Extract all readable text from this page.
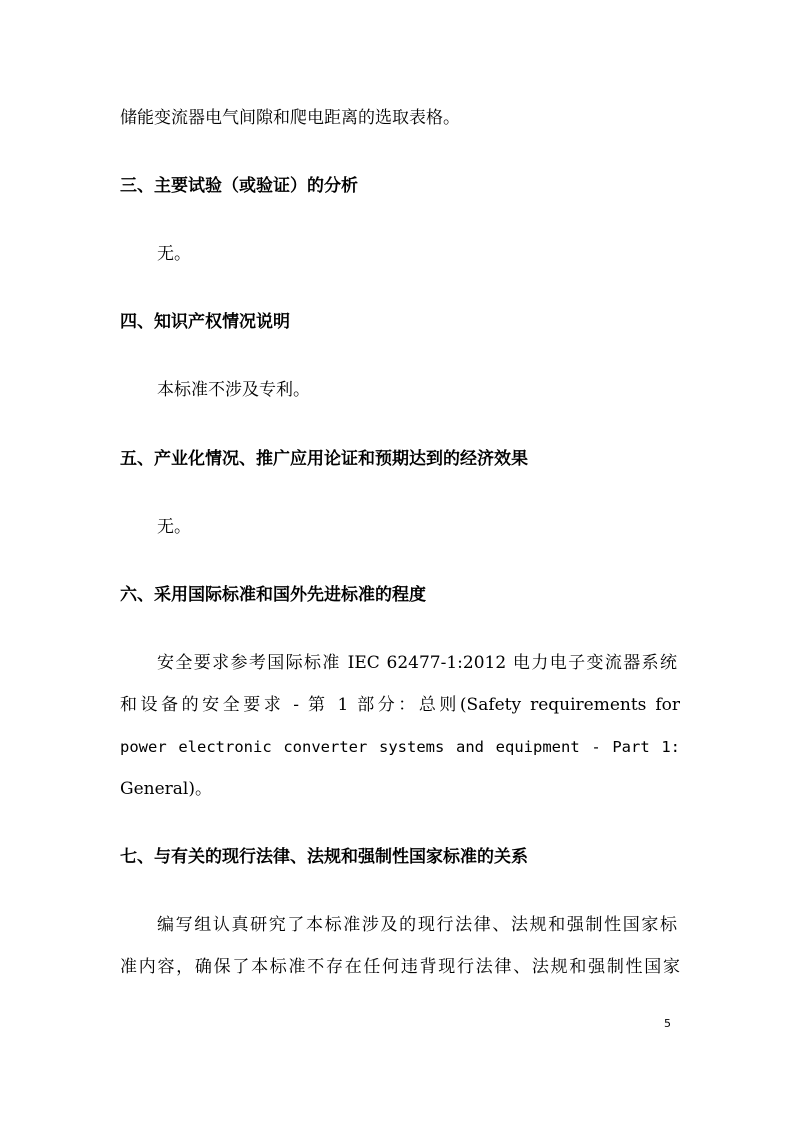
储能变流器电气间隙和爬电距离的选取表格。

三、主要试验（或验证）的分析

无。

四、知识产权情况说明

本标准不涉及专利。

五、产业化情况、推广应用论证和预期达到的经济效果

无。

六、采用国际标准和国外先进标准的程度

安全要求参考国际标准 IEC 62477-1:2012 电力电子变流器系统

和设备的安全要求 - 第 1 部分：总则(Safety requirements for

power electronic converter systems and equipment - Part 1:

General)。

七、与有关的现行法律、法规和强制性国家标准的关系

编写组认真研究了本标准涉及的现行法律、法规和强制性国家标

准内容，确保了本标准不存在任何违背现行法律、法规和强制性国家

5
